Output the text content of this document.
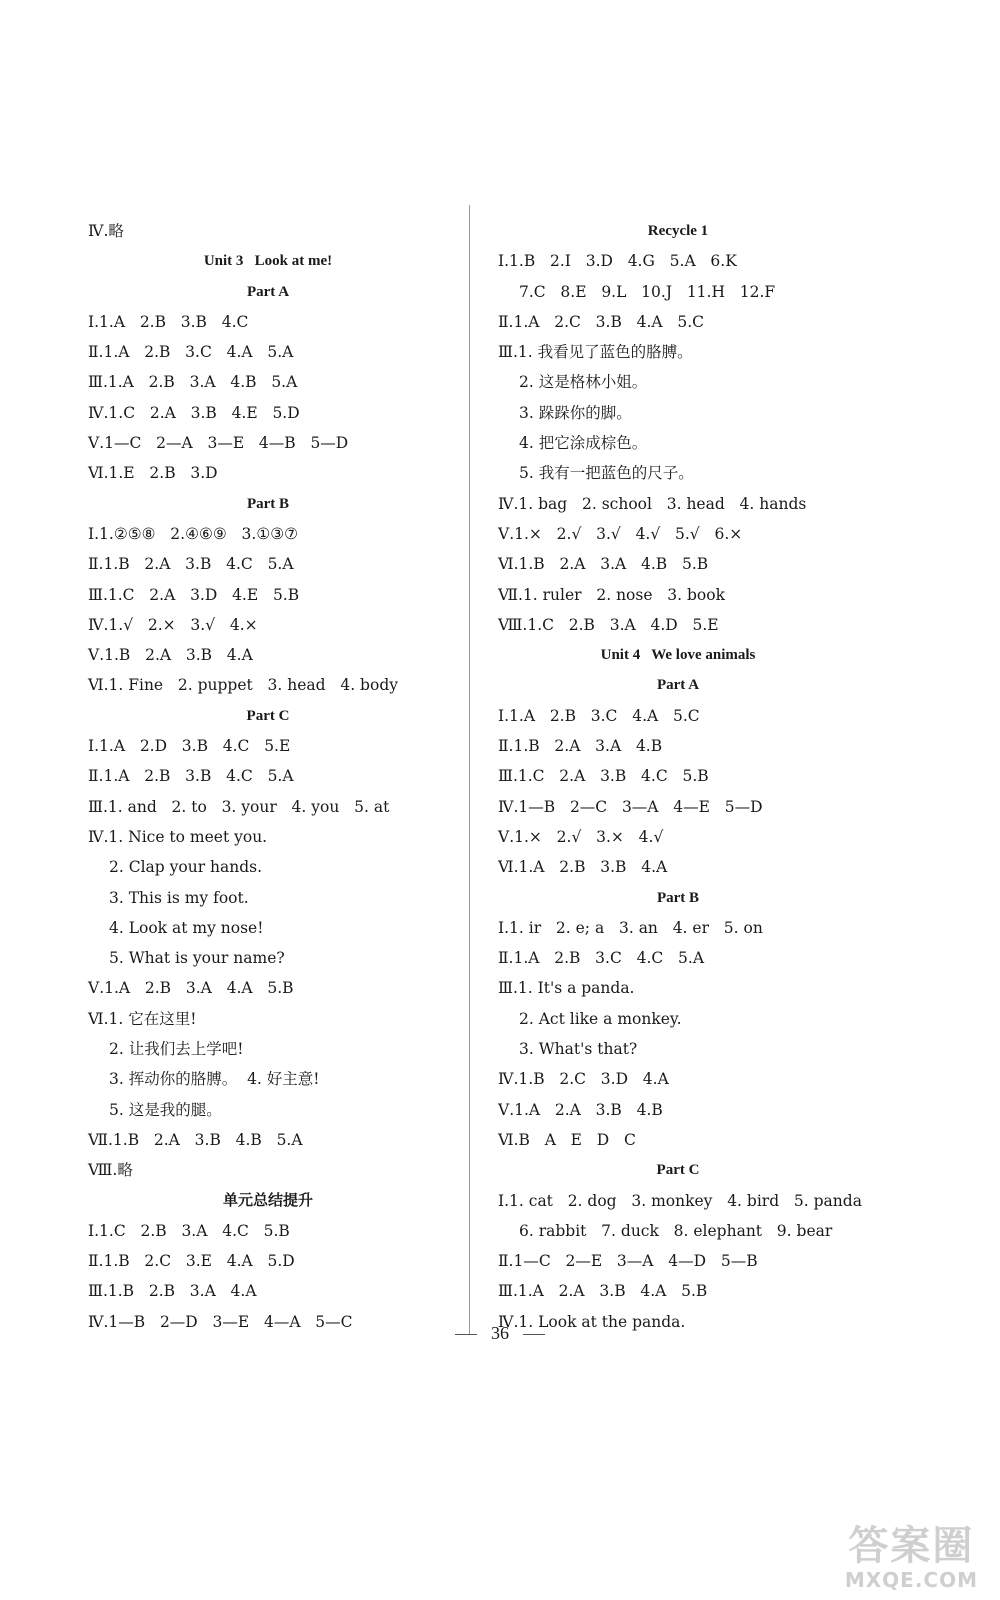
Ⅳ.略
Unit 3   Look at me!
Part A
Ⅰ.1.A   2.B   3.B   4.C
Ⅱ.1.A   2.B   3.C   4.A   5.A
Ⅲ.1.A   2.B   3.A   4.B   5.A
Ⅳ.1.C   2.A   3.B   4.E   5.D
Ⅴ.1—C   2—A   3—E   4—B   5—D
Ⅵ.1.E   2.B   3.D
Part B
Ⅰ.1.②⑤⑧   2.④⑥⑨   3.①③⑦
Ⅱ.1.B   2.A   3.B   4.C   5.A
Ⅲ.1.C   2.A   3.D   4.E   5.B
Ⅳ.1.√   2.×   3.√   4.×
Ⅴ.1.B   2.A   3.B   4.A
Ⅵ.1. Fine   2. puppet   3. head   4. body
Part C
Ⅰ.1.A   2.D   3.B   4.C   5.E
Ⅱ.1.A   2.B   3.B   4.C   5.A
Ⅲ.1. and   2. to   3. your   4. you   5. at
Ⅳ.1. Nice to meet you.
2. Clap your hands.
3. This is my foot.
4. Look at my nose!
5. What is your name?
Ⅴ.1.A   2.B   3.A   4.A   5.B
Ⅵ.1. 它在这里!
2. 让我们去上学吧!
3. 挥动你的胳膊。  4. 好主意!
5. 这是我的腿。
Ⅶ.1.B   2.A   3.B   4.B   5.A
Ⅷ.略
单元总结提升
Ⅰ.1.C   2.B   3.A   4.C   5.B
Ⅱ.1.B   2.C   3.E   4.A   5.D
Ⅲ.1.B   2.B   3.A   4.A
Ⅳ.1—B   2—D   3—E   4—A   5—C
Recycle 1
Ⅰ.1.B   2.I   3.D   4.G   5.A   6.K
7.C   8.E   9.L   10.J   11.H   12.F
Ⅱ.1.A   2.C   3.B   4.A   5.C
Ⅲ.1. 我看见了蓝色的胳膊。
2. 这是格林小姐。
3. 跺跺你的脚。
4. 把它涂成棕色。
5. 我有一把蓝色的尺子。
Ⅳ.1. bag   2. school   3. head   4. hands
Ⅴ.1.×   2.√   3.√   4.√   5.√   6.×
Ⅵ.1.B   2.A   3.A   4.B   5.B
Ⅶ.1. ruler   2. nose   3. book
Ⅷ.1.C   2.B   3.A   4.D   5.E
Unit 4   We love animals
Part A
Ⅰ.1.A   2.B   3.C   4.A   5.C
Ⅱ.1.B   2.A   3.A   4.B
Ⅲ.1.C   2.A   3.B   4.C   5.B
Ⅳ.1—B   2—C   3—A   4—E   5—D
Ⅴ.1.×   2.√   3.×   4.√
Ⅵ.1.A   2.B   3.B   4.A
Part B
Ⅰ.1. ir   2. e; a   3. an   4. er   5. on
Ⅱ.1.A   2.B   3.C   4.C   5.A
Ⅲ.1. It's a panda.
2. Act like a monkey.
3. What's that?
Ⅳ.1.B   2.C   3.D   4.A
Ⅴ.1.A   2.A   3.B   4.B
Ⅵ.B   A   E   D   C
Part C
Ⅰ.1. cat   2. dog   3. monkey   4. bird   5. panda
6. rabbit   7. duck   8. elephant   9. bear
Ⅱ.1—C   2—E   3—A   4—D   5—B
Ⅲ.1.A   2.A   3.B   4.A   5.B
Ⅳ.1. Look at the panda.
36
答案圈
MXQE.COM
